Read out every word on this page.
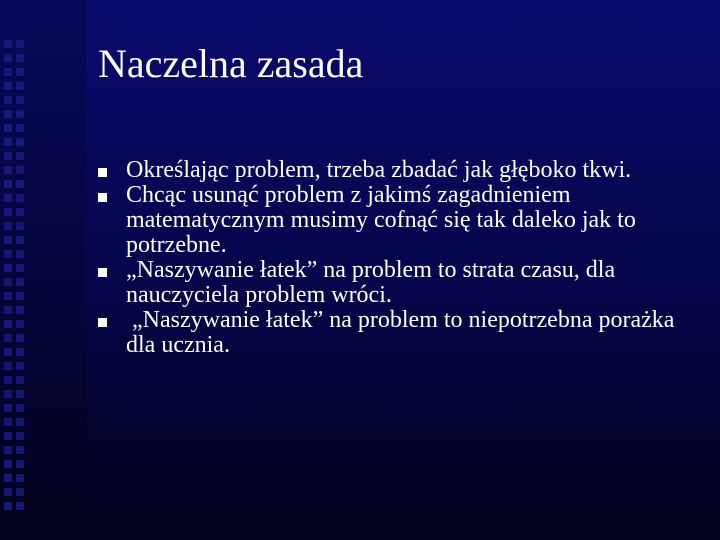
Naczelna zasada
Określając problem, trzeba zbadać jak głęboko tkwi.
Chcąc usunąć problem z jakimś zagadnieniem matematycznym musimy cofnąć się tak daleko jak to potrzebne.
„Naszywanie łatek” na problem to strata czasu, dla nauczyciela problem wróci.
„Naszywanie łatek” na problem to niepotrzebna porażka dla ucznia.
